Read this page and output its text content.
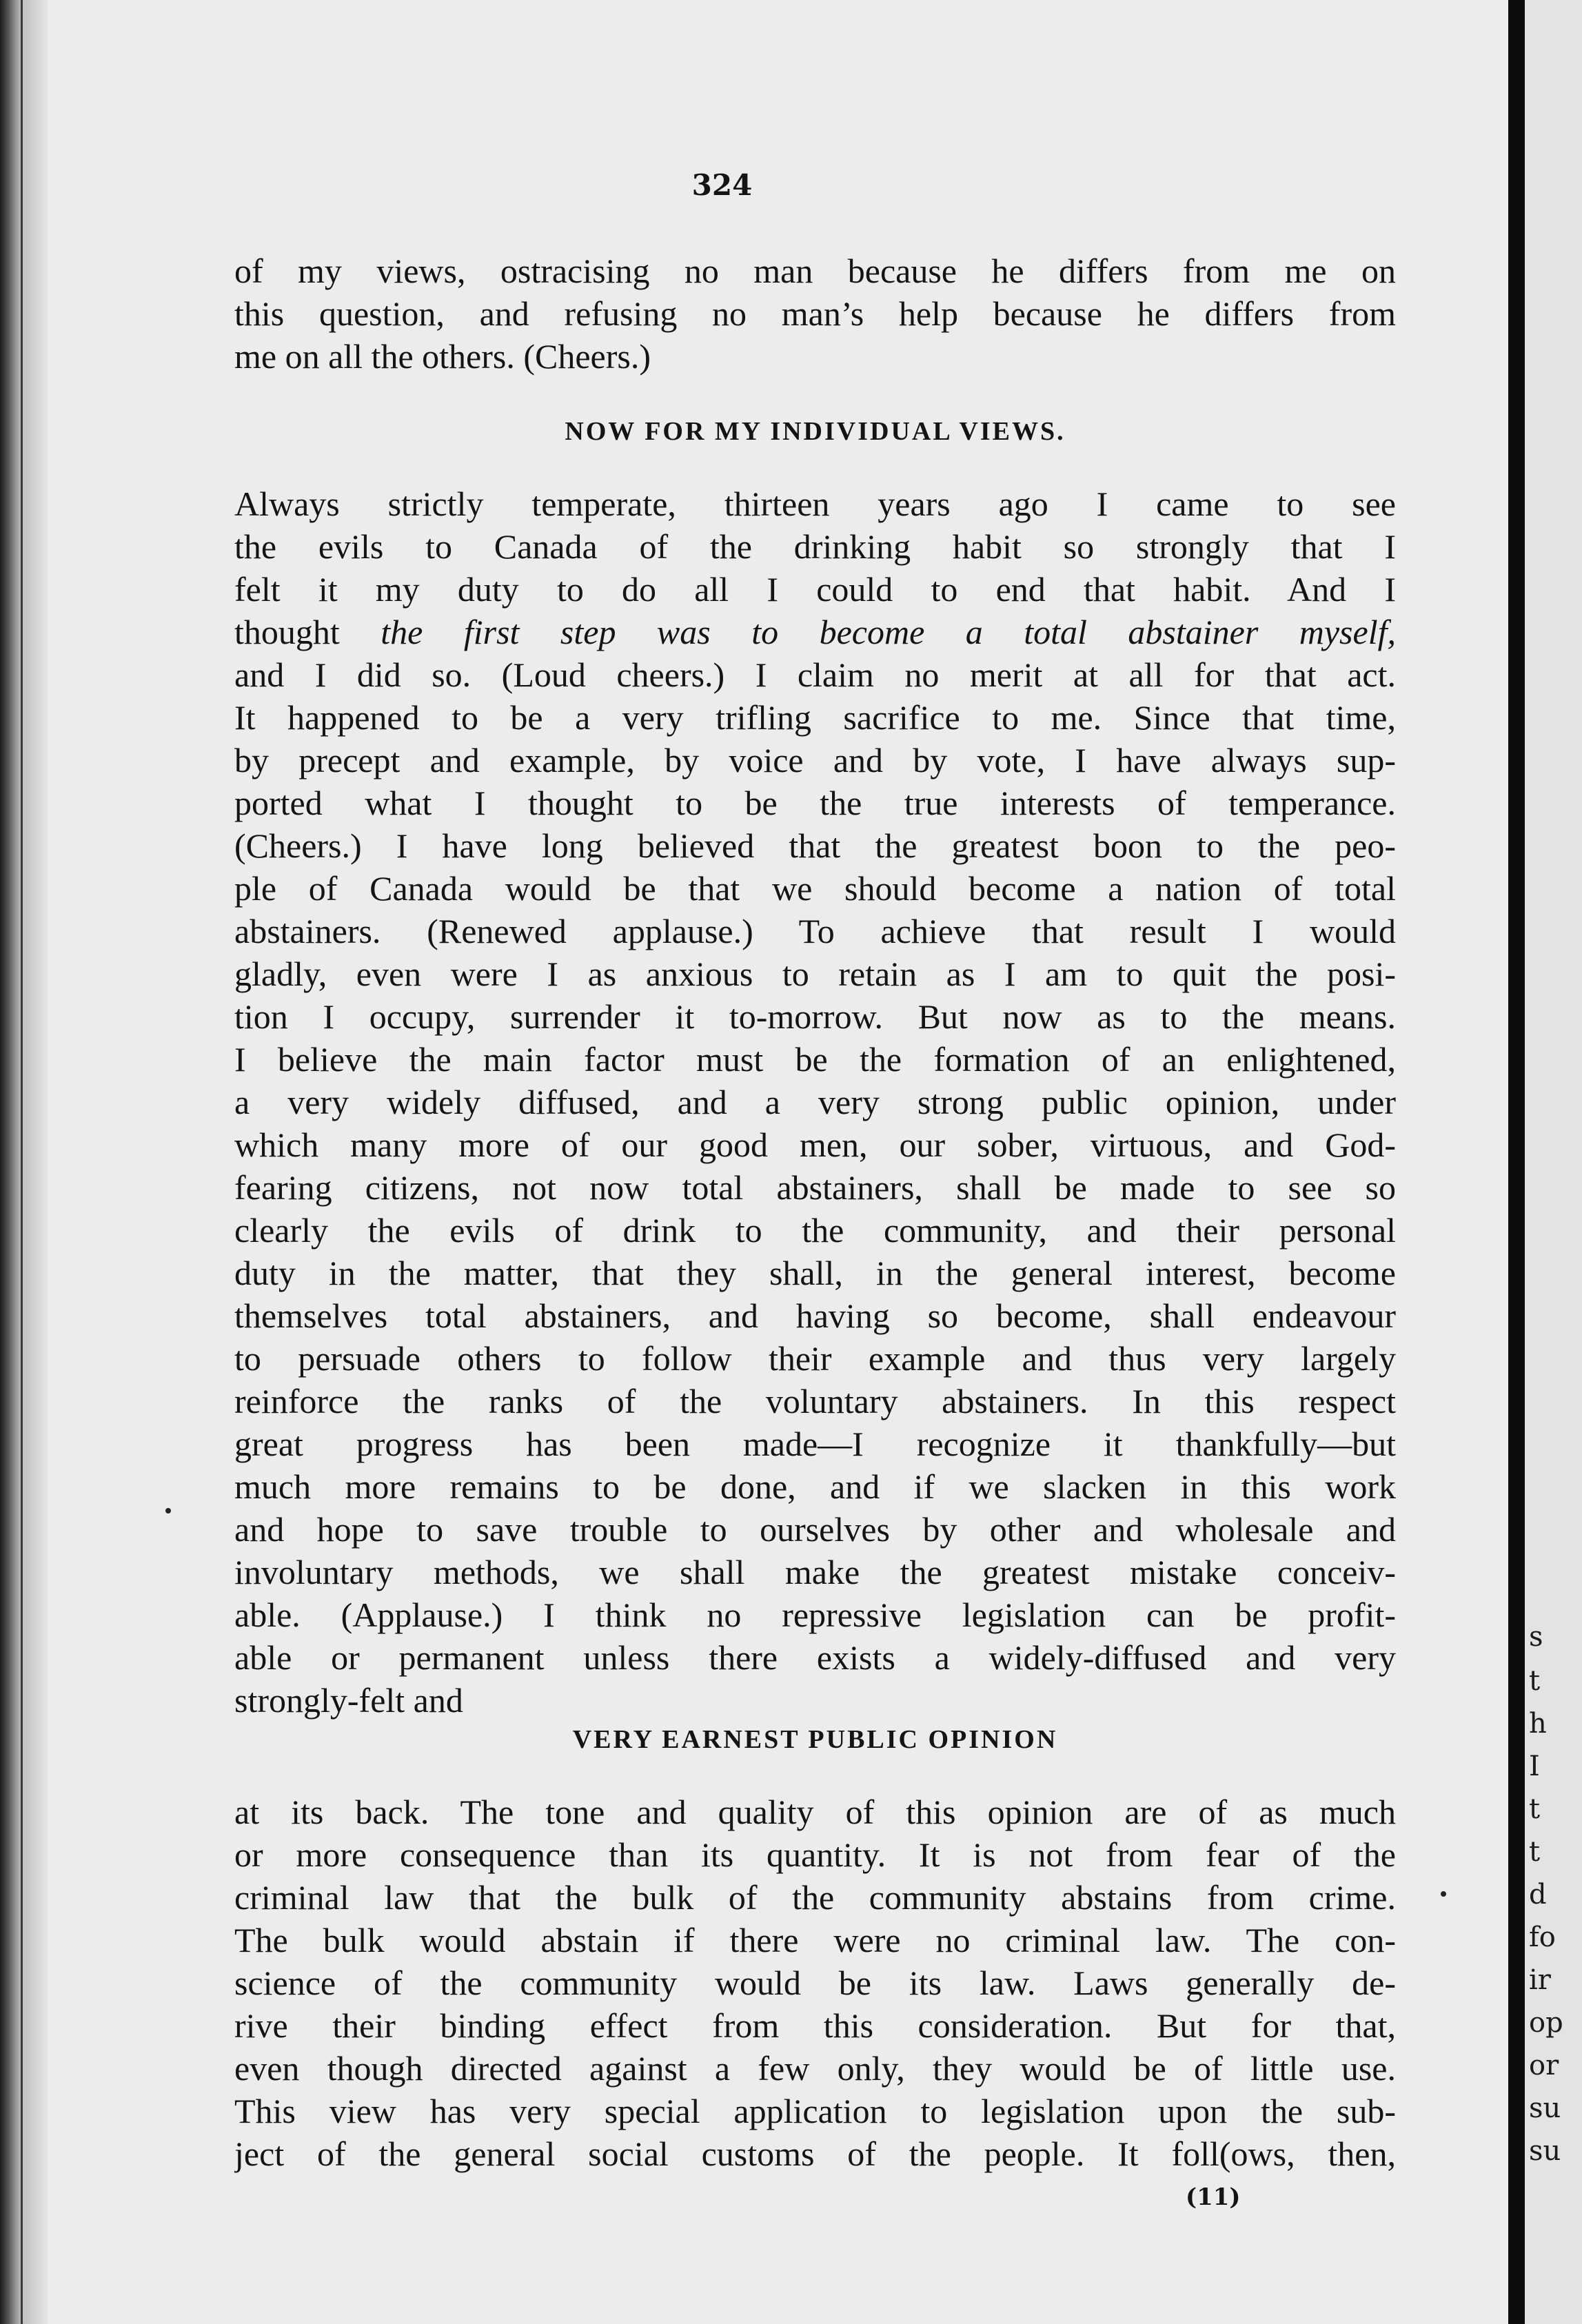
s
t
h
I
t
t
d
fo
ir
op
or
su
su
324
of my views, ostracising no man because he differs from me on
this question, and refusing no man’s help because he differs from
me on all the others. (Cheers.)
NOW FOR MY INDIVIDUAL VIEWS.
Always strictly temperate, thirteen years ago I came to see
the evils to Canada of the drinking habit so strongly that I
felt it my duty to do all I could to end that habit. And I
thought the first step was to become a total abstainer myself,
and I did so. (Loud cheers.) I claim no merit at all for that act.
It happened to be a very trifling sacrifice to me. Since that time,
by precept and example, by voice and by vote, I have always sup-
ported what I thought to be the true interests of temperance.
(Cheers.) I have long believed that the greatest boon to the peo-
ple of Canada would be that we should become a nation of total
abstainers. (Renewed applause.) To achieve that result I would
gladly, even were I as anxious to retain as I am to quit the posi-
tion I occupy, surrender it to-morrow. But now as to the means.
I believe the main factor must be the formation of an enlightened,
a very widely diffused, and a very strong public opinion, under
which many more of our good men, our sober, virtuous, and God-
fearing citizens, not now total abstainers, shall be made to see so
clearly the evils of drink to the community, and their personal
duty in the matter, that they shall, in the general interest, become
themselves total abstainers, and having so become, shall endeavour
to persuade others to follow their example and thus very largely
reinforce the ranks of the voluntary abstainers. In this respect
great progress has been made—I recognize it thankfully—but
much more remains to be done, and if we slacken in this work
and hope to save trouble to ourselves by other and wholesale and
involuntary methods, we shall make the greatest mistake conceiv-
able. (Applause.) I think no repressive legislation can be profit-
able or permanent unless there exists a widely-diffused and very
strongly-felt and
VERY EARNEST PUBLIC OPINION
at its back. The tone and quality of this opinion are of as much
or more consequence than its quantity. It is not from fear of the
criminal law that the bulk of the community abstains from crime.
The bulk would abstain if there were no criminal law. The con-
science of the community would be its law. Laws generally de-
rive their binding effect from this consideration. But for that,
even though directed against a few only, they would be of little use.
This view has very special application to legislation upon the sub-
ject of the general social customs of the people. It foll(ows, then,
(11)
